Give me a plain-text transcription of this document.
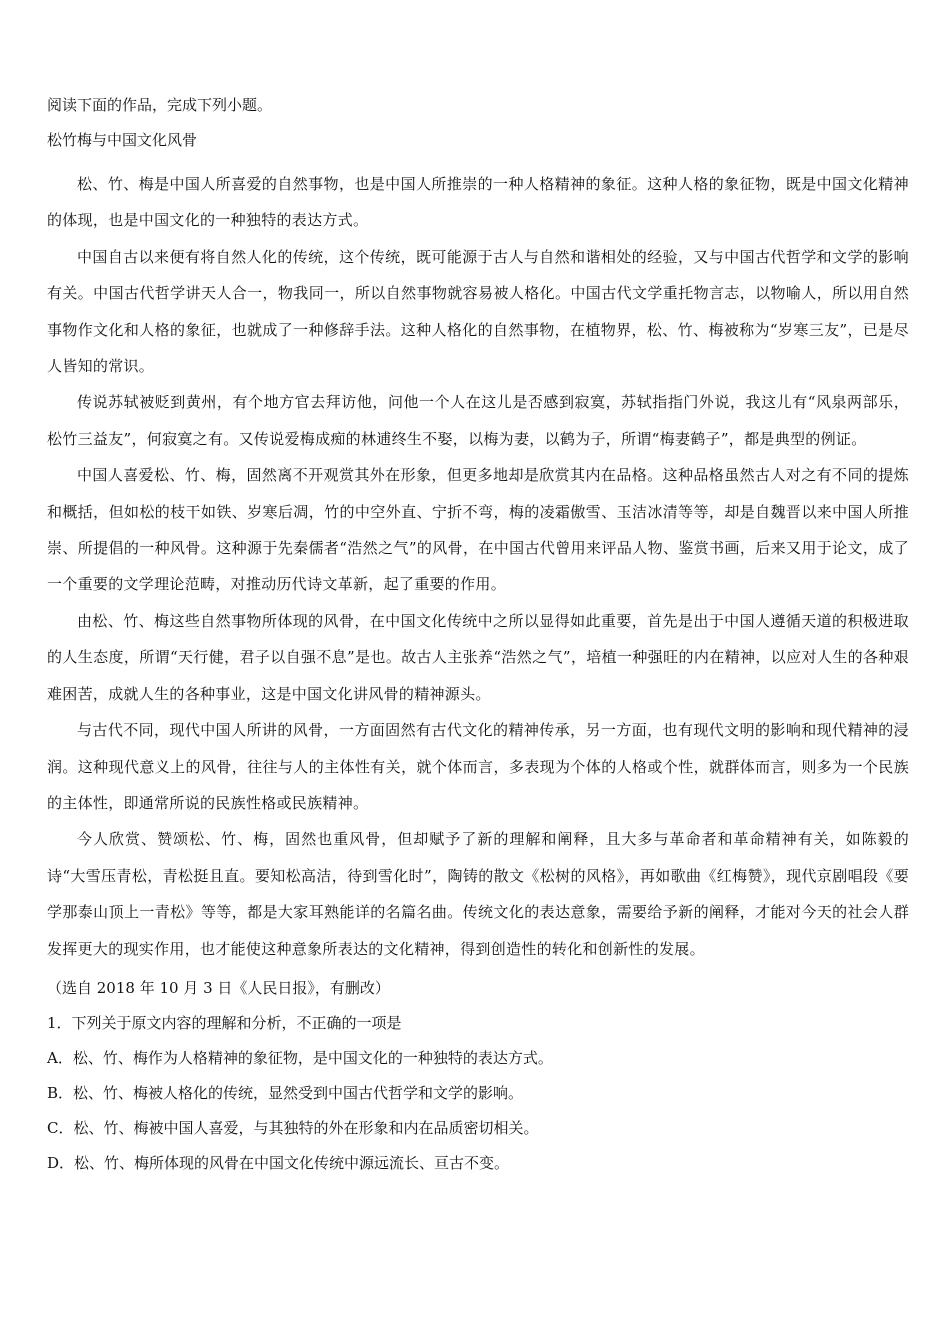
阅读下面的作品，完成下列小题。

松竹梅与中国文化风骨

松、竹、梅是中国人所喜爱的自然事物，也是中国人所推崇的一种人格精神的象征。这种人格的象征物，既是中国文化精神的体现，也是中国文化的一种独特的表达方式。

中国自古以来便有将自然人化的传统，这个传统，既可能源于古人与自然和谐相处的经验，又与中国古代哲学和文学的影响有关。中国古代哲学讲天人合一，物我同一，所以自然事物就容易被人格化。中国古代文学重托物言志，以物喻人，所以用自然事物作文化和人格的象征，也就成了一种修辞手法。这种人格化的自然事物，在植物界，松、竹、梅被称为“岁寒三友”，已是尽人皆知的常识。

传说苏轼被贬到黄州，有个地方官去拜访他，问他一个人在这儿是否感到寂寞，苏轼指指门外说，我这儿有“风泉两部乐，松竹三益友”，何寂寞之有。又传说爱梅成痴的林逋终生不娶，以梅为妻，以鹤为子，所谓“梅妻鹤子”，都是典型的例证。

中国人喜爱松、竹、梅，固然离不开观赏其外在形象，但更多地却是欣赏其内在品格。这种品格虽然古人对之有不同的提炼和概括，但如松的枝干如铁、岁寒后凋，竹的中空外直、宁折不弯，梅的凌霜傲雪、玉洁冰清等等，却是自魏晋以来中国人所推崇、所提倡的一种风骨。这种源于先秦儒者“浩然之气”的风骨，在中国古代曾用来评品人物、鉴赏书画，后来又用于论文，成了一个重要的文学理论范畴，对推动历代诗文革新，起了重要的作用。

由松、竹、梅这些自然事物所体现的风骨，在中国文化传统中之所以显得如此重要，首先是出于中国人遵循天道的积极进取的人生态度，所谓“天行健，君子以自强不息”是也。故古人主张养“浩然之气”，培植一种强旺的内在精神，以应对人生的各种艰难困苦，成就人生的各种事业，这是中国文化讲风骨的精神源头。

与古代不同，现代中国人所讲的风骨，一方面固然有古代文化的精神传承，另一方面，也有现代文明的影响和现代精神的浸润。这种现代意义上的风骨，往往与人的主体性有关，就个体而言，多表现为个体的人格或个性，就群体而言，则多为一个民族的主体性，即通常所说的民族性格或民族精神。

今人欣赏、赞颂松、竹、梅，固然也重风骨，但却赋予了新的理解和阐释，且大多与革命者和革命精神有关，如陈毅的诗“大雪压青松，青松挺且直。要知松高洁，待到雪化时”，陶铸的散文《松树的风格》，再如歌曲《红梅赞》，现代京剧唱段《要学那泰山顶上一青松》等等，都是大家耳熟能详的名篇名曲。传统文化的表达意象，需要给予新的阐释，才能对今天的社会人群发挥更大的现实作用，也才能使这种意象所表达的文化精神，得到创造性的转化和创新性的发展。

（选自 2018 年 10 月 3 日《人民日报》，有删改）

1．下列关于原文内容的理解和分析，不正确的一项是

A．松、竹、梅作为人格精神的象征物，是中国文化的一种独特的表达方式。

B．松、竹、梅被人格化的传统，显然受到中国古代哲学和文学的影响。

C．松、竹、梅被中国人喜爱，与其独特的外在形象和内在品质密切相关。

D．松、竹、梅所体现的风骨在中国文化传统中源远流长、亘古不变。
